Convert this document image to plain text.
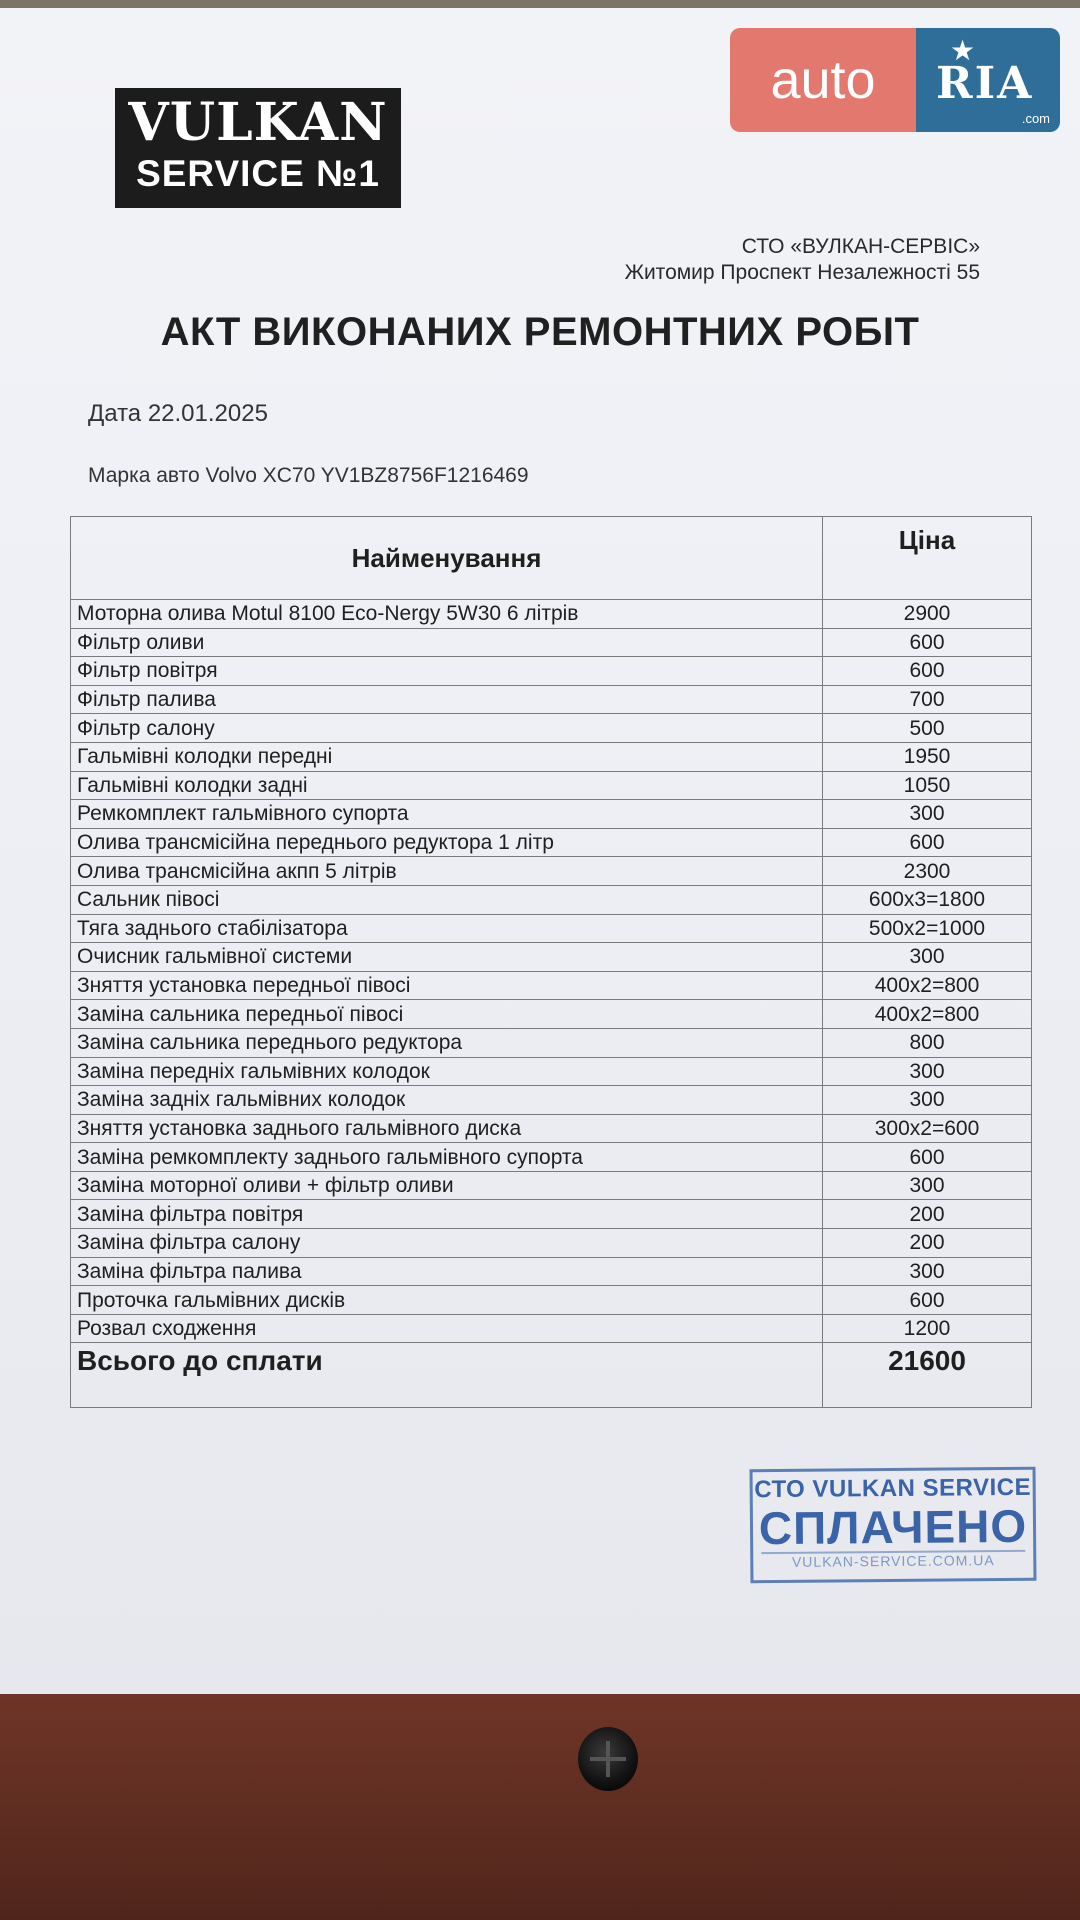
VULKAN
SERVICE №1
auto	★
RIA
.com
СТО «ВУЛКАН-СЕРВІС»
Житомир Проспект Незалежності 55
АКТ ВИКОНАНИХ РЕМОНТНИХ РОБІТ
Дата 22.01.2025
Марка авто Volvo XC70 YV1BZ8756F1216469
Найменування	Ціна
Моторна олива Motul 8100 Eco-Nergy 5W30 6 літрів	2900
Фільтр оливи	600
Фільтр повітря	600
Фільтр палива	700
Фільтр салону	500
Гальмівні колодки передні	1950
Гальмівні колодки задні	1050
Ремкомплект гальмівного супорта	300
Олива трансмісійна переднього редуктора 1 літр	600
Олива трансмісійна акпп 5 літрів	2300
Сальник півосі	600x3=1800
Тяга заднього стабілізатора	500x2=1000
Очисник гальмівної системи	300
Зняття установка передньої півосі	400x2=800
Заміна сальника передньої півосі	400x2=800
Заміна сальника переднього редуктора	800
Заміна передніх гальмівних колодок	300
Заміна задніх гальмівних колодок	300
Зняття установка заднього гальмівного диска	300x2=600
Заміна ремкомплекту заднього гальмівного супорта	600
Заміна моторної оливи + фільтр оливи	300
Заміна фільтра повітря	200
Заміна фільтра салону	200
Заміна фільтра палива	300
Проточка гальмівних дисків	600
Розвал сходження	1200
Всього до сплати	21600
СТО VULKAN SERVICE
СПЛАЧЕНО
VULKAN-SERVICE.COM.UA
